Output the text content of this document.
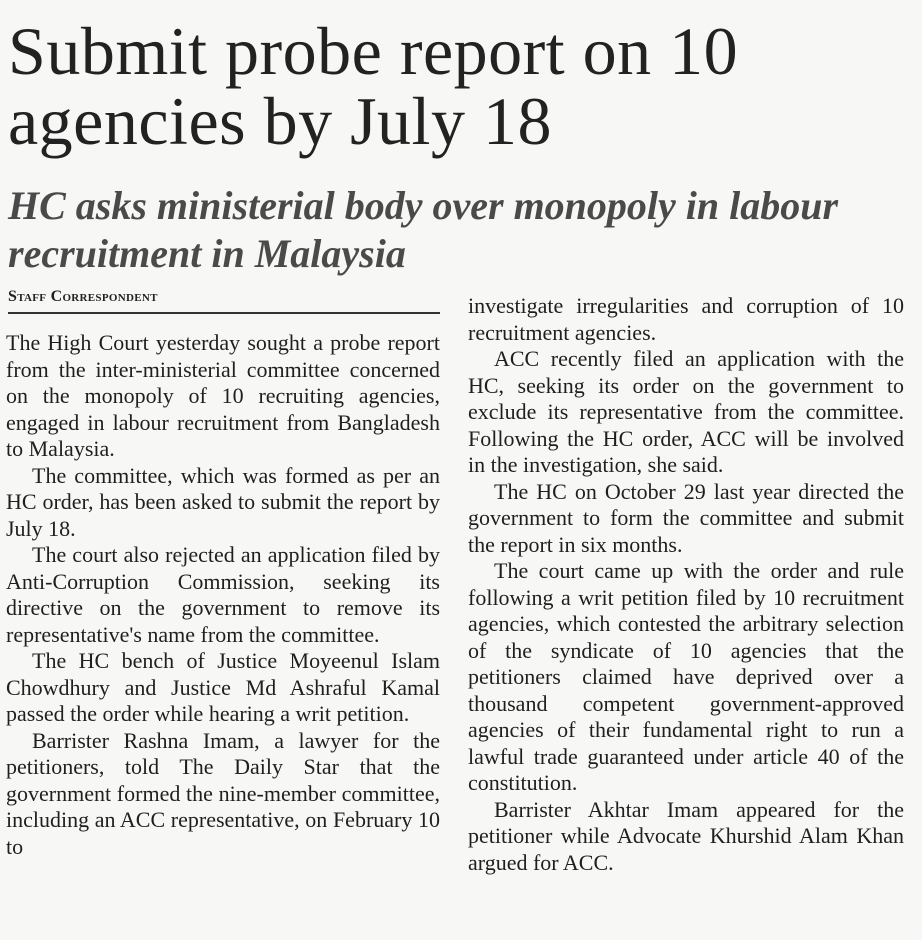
Submit probe report on 10 agencies by July 18
HC asks ministerial body over monopoly in labour recruitment in Malaysia
Staff Correspondent

The High Court yesterday sought a probe report from the inter-ministerial committee concerned on the monopoly of 10 recruiting agencies, engaged in labour recruitment from Bangladesh to Malaysia.

The committee, which was formed as per an HC order, has been asked to submit the report by July 18.

The court also rejected an application filed by Anti-Corruption Commission, seeking its directive on the government to remove its representative's name from the committee.

The HC bench of Justice Moyeenul Islam Chowdhury and Justice Md Ashraful Kamal passed the order while hearing a writ petition.

Barrister Rashna Imam, a lawyer for the petitioners, told The Daily Star that the government formed the nine-member committee, including an ACC representative, on February 10 to

investigate irregularities and corruption of 10 recruitment agencies.

ACC recently filed an application with the HC, seeking its order on the government to exclude its representative from the committee. Following the HC order, ACC will be involved in the investigation, she said.

The HC on October 29 last year directed the government to form the committee and submit the report in six months.

The court came up with the order and rule following a writ petition filed by 10 recruitment agencies, which contested the arbitrary selection of the syndicate of 10 agencies that the petitioners claimed have deprived over a thousand competent government-approved agencies of their fundamental right to run a lawful trade guaranteed under article 40 of the constitution.

Barrister Akhtar Imam appeared for the petitioner while Advocate Khurshid Alam Khan argued for ACC.
